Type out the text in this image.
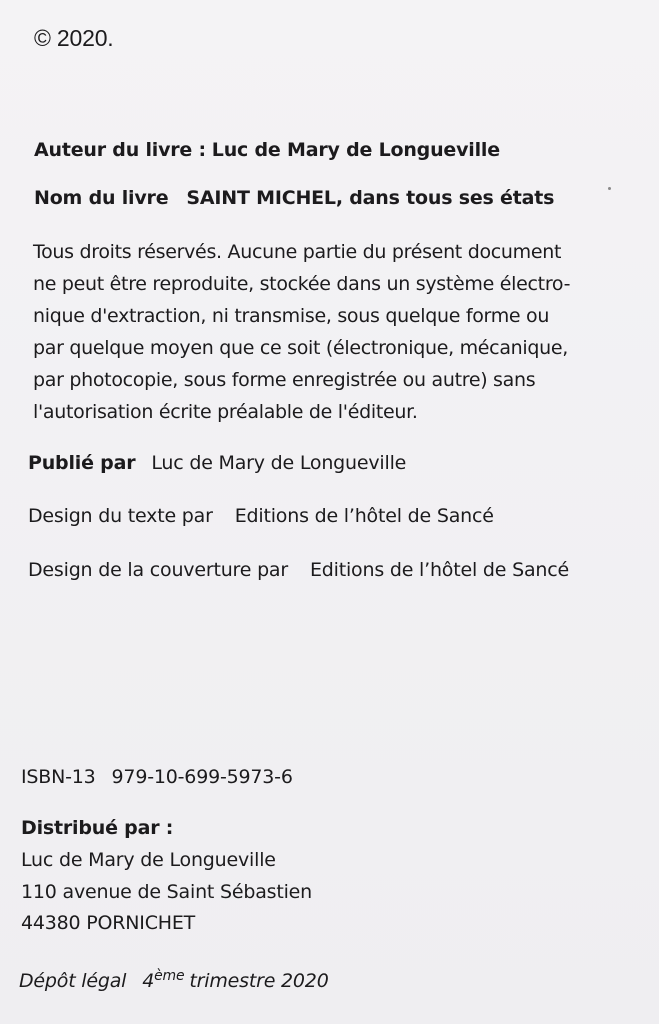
© 2020.
Auteur du livre : Luc de Mary de Longueville
Nom du livre SAINT MICHEL, dans tous ses états
Tous droits réservés. Aucune partie du présent document
ne peut être reproduite, stockée dans un système électro-
nique d'extraction, ni transmise, sous quelque forme ou
par quelque moyen que ce soit (électronique, mécanique,
par photocopie, sous forme enregistrée ou autre) sans
l'autorisation écrite préalable de l'éditeur.
Publié par Luc de Mary de Longueville
Design du texte par Editions de l’hôtel de Sancé
Design de la couverture par Editions de l’hôtel de Sancé
ISBN-13 979-10-699-5973-6
Distribué par :
Luc de Mary de Longueville
110 avenue de Saint Sébastien
44380 PORNICHET
Dépôt légal 4ème trimestre 2020
